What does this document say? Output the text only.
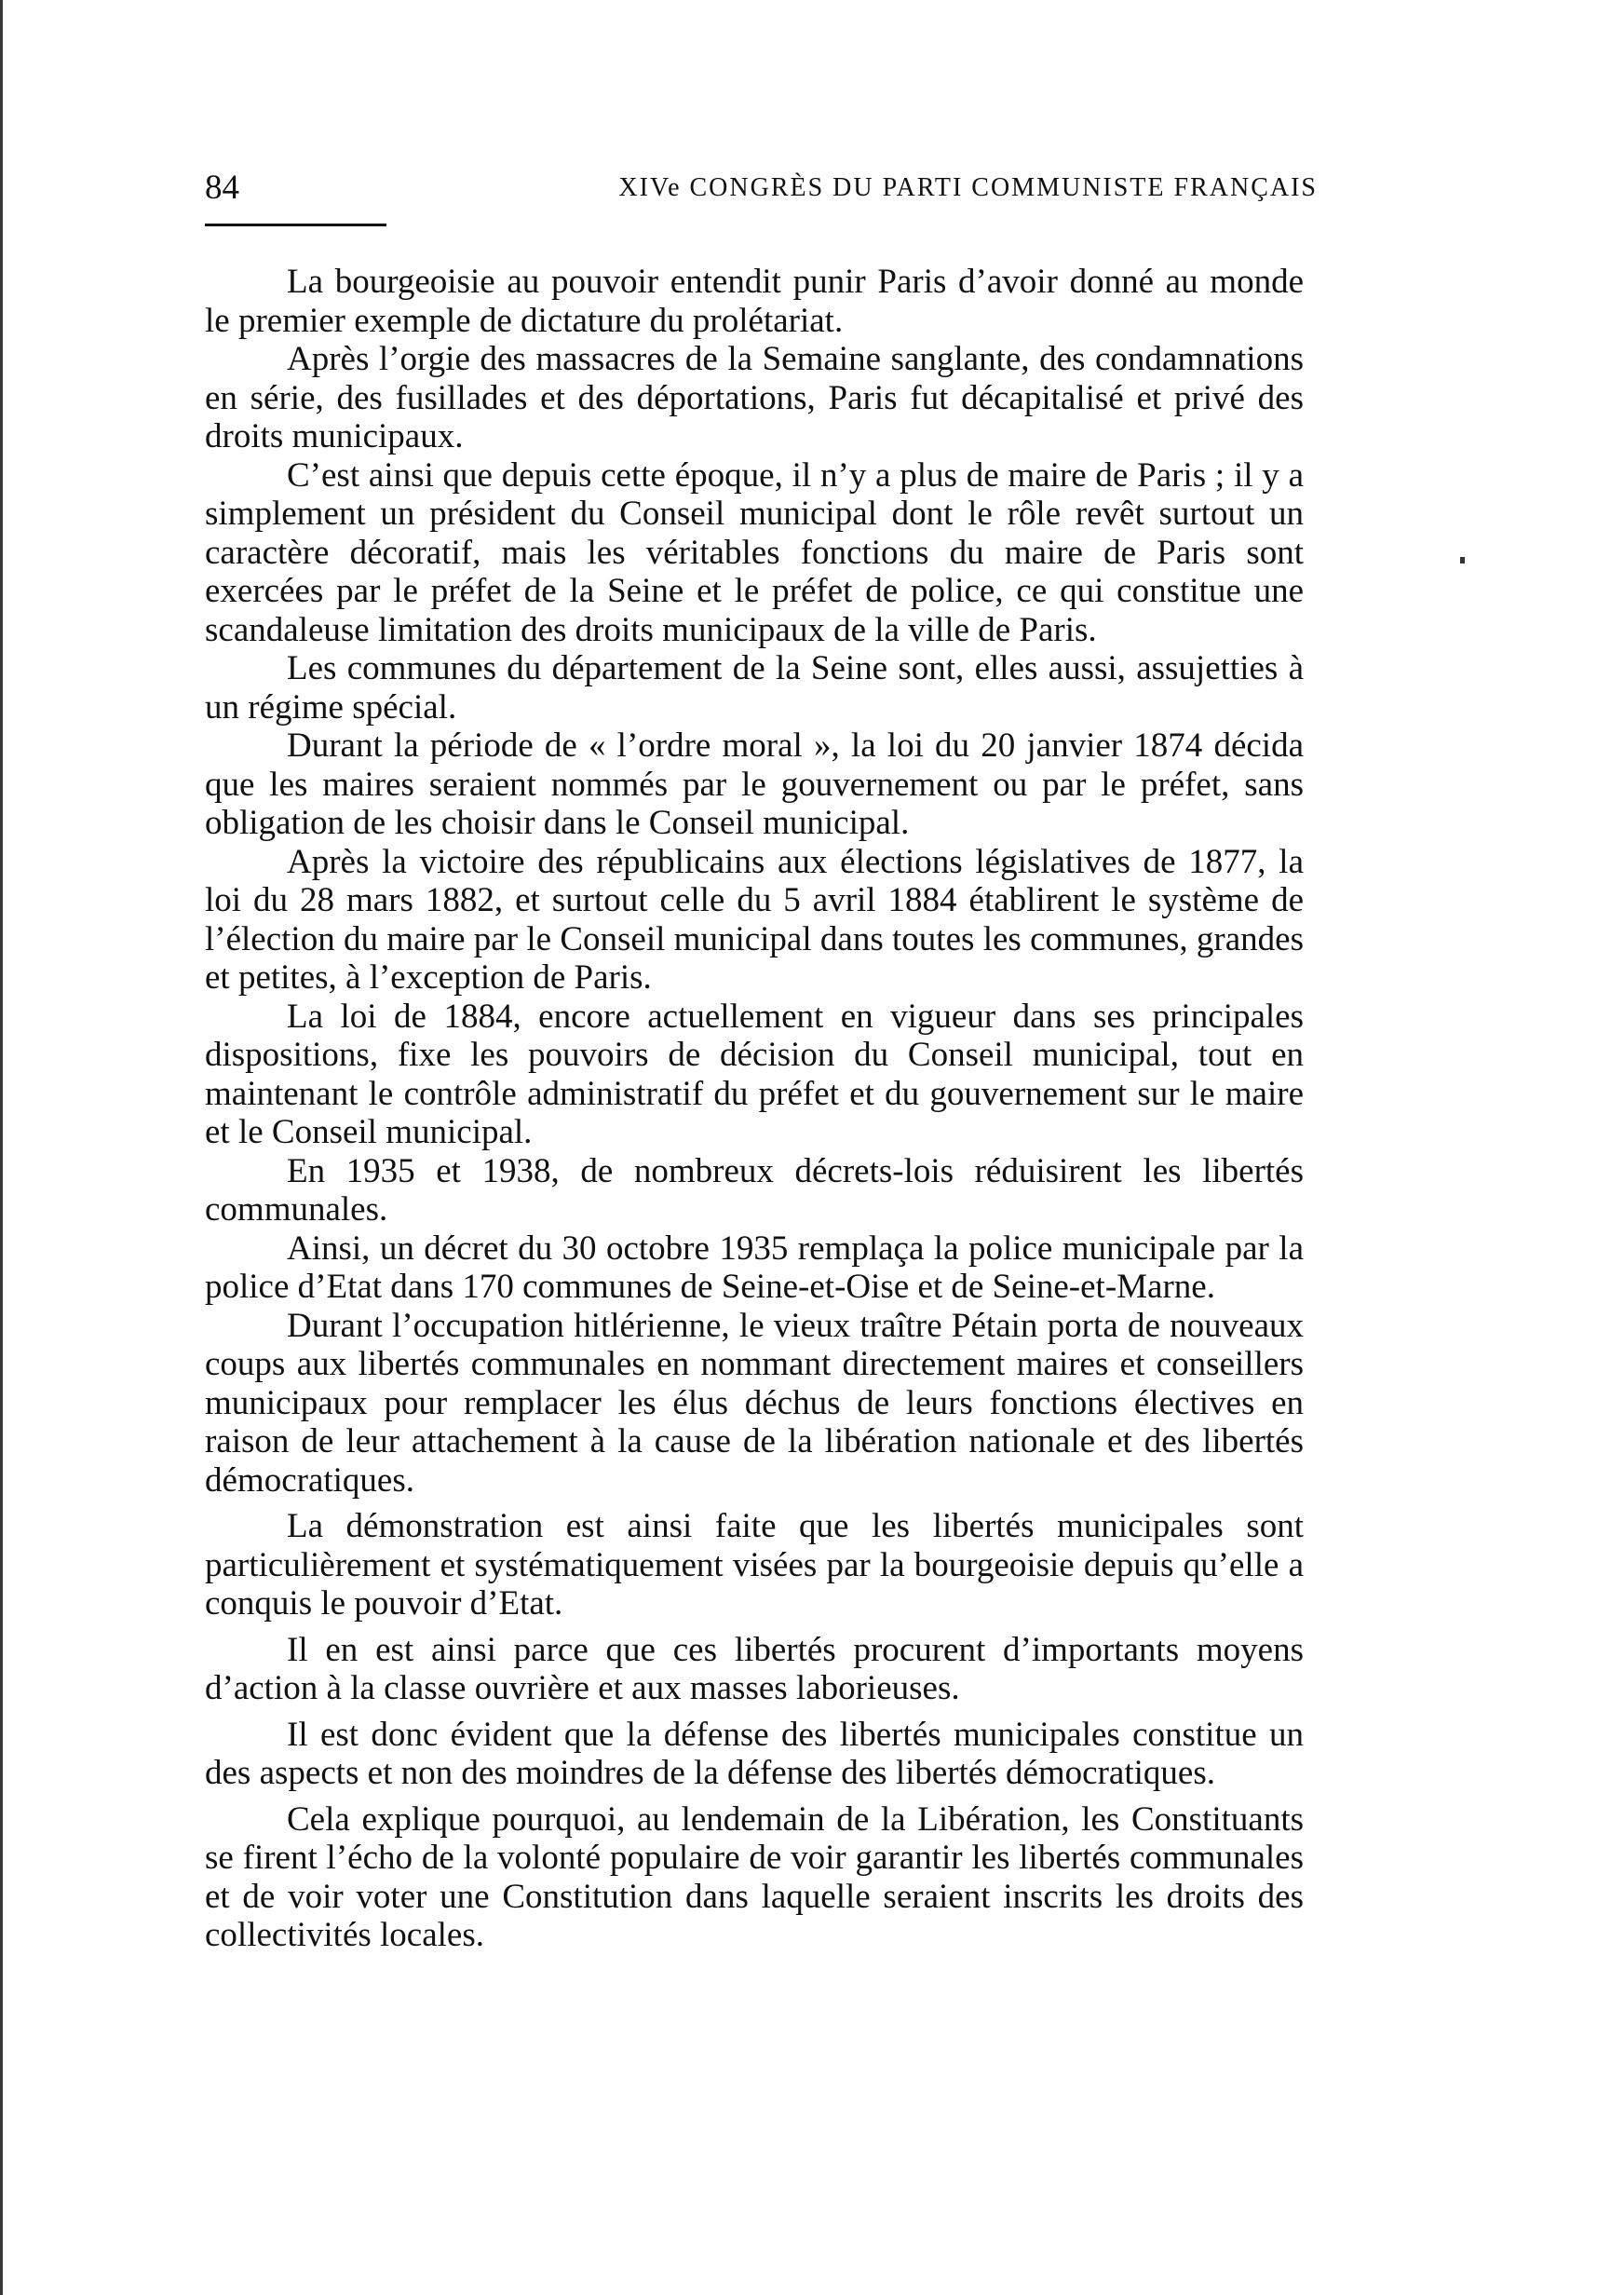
84	XIVe CONGRÈS DU PARTI COMMUNISTE FRANÇAIS

La bourgeoisie au pouvoir entendit punir Paris d’avoir donné au monde le premier exemple de dictature du prolétariat.

Après l’orgie des massacres de la Semaine sanglante, des condamnations en série, des fusillades et des déportations, Paris fut décapitalisé et privé des droits municipaux.

C’est ainsi que depuis cette époque, il n’y a plus de maire de Paris ; il y a simplement un président du Conseil municipal dont le rôle revêt surtout un caractère décoratif, mais les véritables fonctions du maire de Paris sont exercées par le préfet de la Seine et le préfet de police, ce qui constitue une scandaleuse limitation des droits municipaux de la ville de Paris.

Les communes du département de la Seine sont, elles aussi, assujetties à un régime spécial.

Durant la période de « l’ordre moral », la loi du 20 janvier 1874 décida que les maires seraient nommés par le gouvernement ou par le préfet, sans obligation de les choisir dans le Conseil municipal.

Après la victoire des républicains aux élections législatives de 1877, la loi du 28 mars 1882, et surtout celle du 5 avril 1884 établirent le système de l’élection du maire par le Conseil municipal dans toutes les communes, grandes et petites, à l’exception de Paris.

La loi de 1884, encore actuellement en vigueur dans ses principales dispositions, fixe les pouvoirs de décision du Conseil municipal, tout en maintenant le contrôle administratif du préfet et du gouvernement sur le maire et le Conseil municipal.

En 1935 et 1938, de nombreux décrets-lois réduisirent les libertés communales.

Ainsi, un décret du 30 octobre 1935 remplaça la police municipale par la police d’Etat dans 170 communes de Seine-et-Oise et de Seine-et-Marne.

Durant l’occupation hitlérienne, le vieux traître Pétain porta de nouveaux coups aux libertés communales en nommant directement maires et conseillers municipaux pour remplacer les élus déchus de leurs fonctions électives en raison de leur attachement à la cause de la libération nationale et des libertés démocratiques.

La démonstration est ainsi faite que les libertés municipales sont particulièrement et systématiquement visées par la bourgeoisie depuis qu’elle a conquis le pouvoir d’Etat.

Il en est ainsi parce que ces libertés procurent d’importants moyens d’action à la classe ouvrière et aux masses laborieuses.

Il est donc évident que la défense des libertés municipales constitue un des aspects et non des moindres de la défense des libertés démocratiques.

Cela explique pourquoi, au lendemain de la Libération, les Constituants se firent l’écho de la volonté populaire de voir garantir les libertés communales et de voir voter une Constitution dans laquelle seraient inscrits les droits des collectivités locales.
